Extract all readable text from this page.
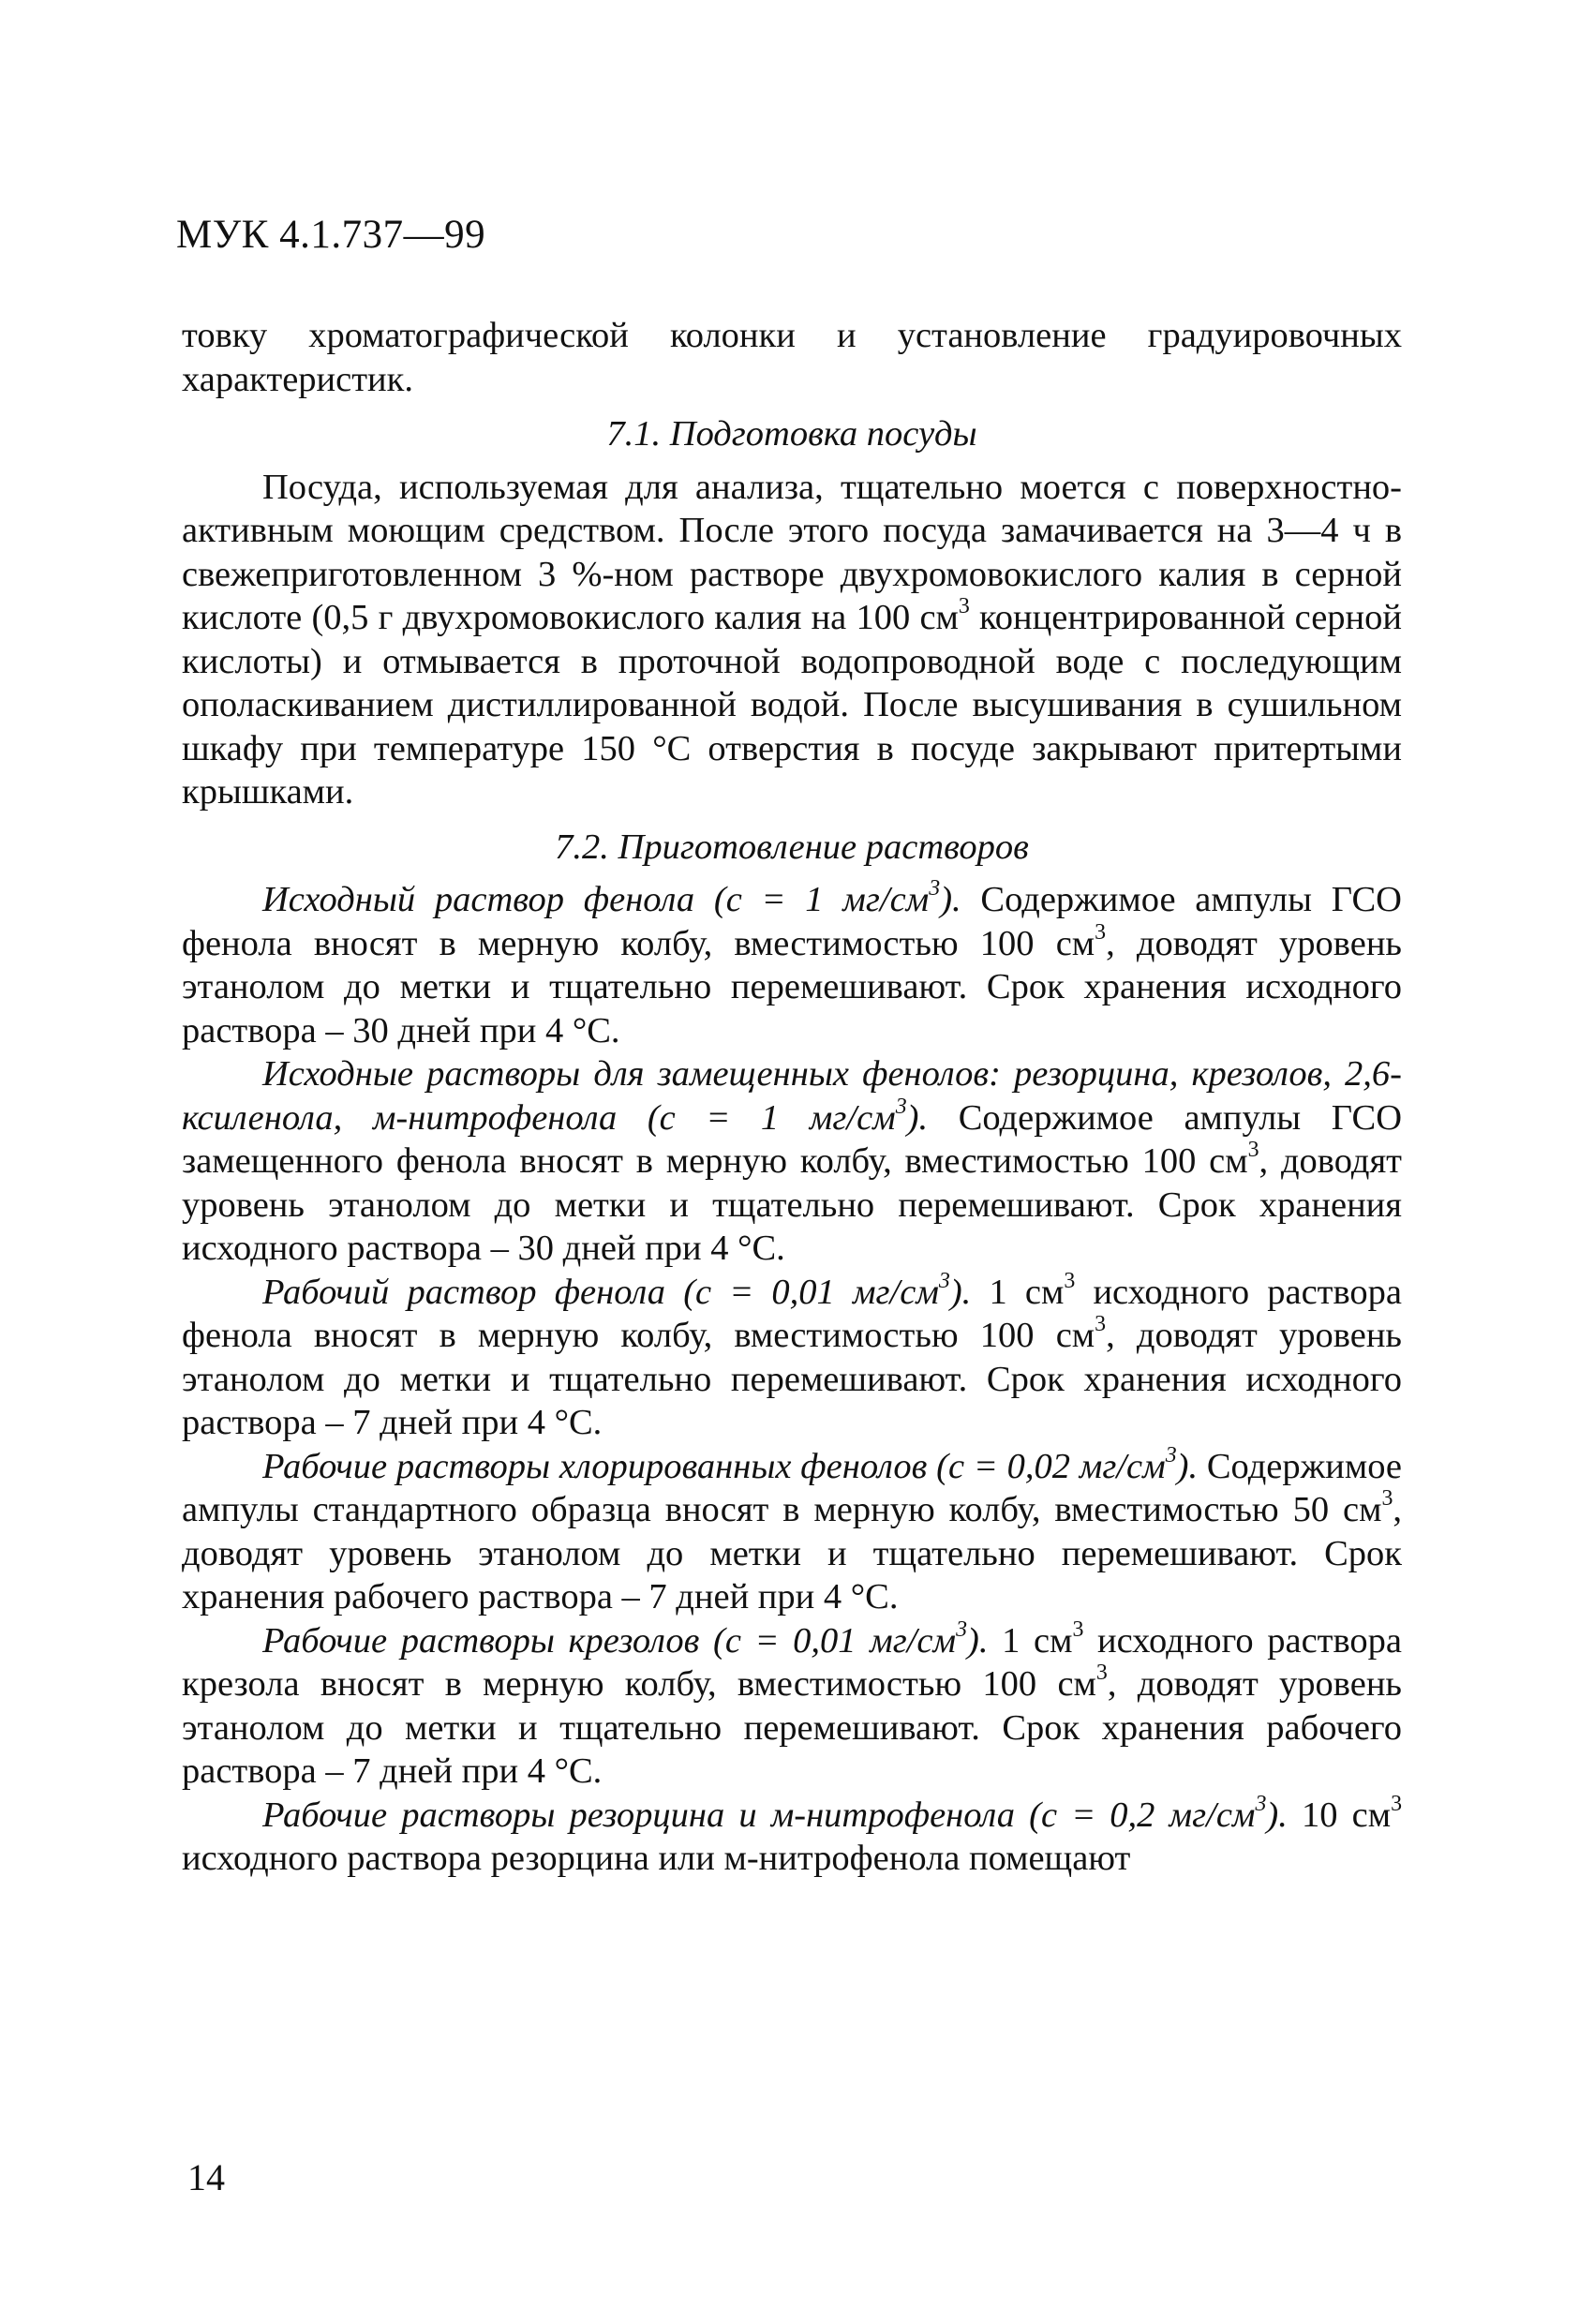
МУК 4.1.737—99

товку хроматографической колонки и установление градуировочных характеристик.

7.1. Подготовка посуды

Посуда, используемая для анализа, тщательно моется с поверхностно-активным моющим средством. После этого посуда замачивается на 3—4 ч в свежеприготовленном 3 %-ном растворе двухромовокислого калия в серной кислоте (0,5 г двухромовокислого калия на 100 $см^3$ концентрированной серной кислоты) и отмывается в проточной водопроводной воде с последующим ополаскиванием дистиллированной водой. После высушивания в сушильном шкафу при температуре 150 °С отверстия в посуде закрывают притертыми крышками.

7.2. Приготовление растворов

Исходный раствор фенола (с = 1 $мг/см^3$). Содержимое ампулы ГСО фенола вносят в мерную колбу, вместимостью 100 $см^3$, доводят уровень этанолом до метки и тщательно перемешивают. Срок хранения исходного раствора – 30 дней при 4 °С.

Исходные растворы для замещенных фенолов: резорцина, крезолов, 2,6-ксиленола, м-нитрофенола (с = 1 $мг/см^3$). Содержимое ампулы ГСО замещенного фенола вносят в мерную колбу, вместимостью 100 $см^3$, доводят уровень этанолом до метки и тщательно перемешивают. Срок хранения исходного раствора – 30 дней при 4 °С.

Рабочий раствор фенола (с = 0,01 $мг/см^3$). 1 $см^3$ исходного раствора фенола вносят в мерную колбу, вместимостью 100 $см^3$, доводят уровень этанолом до метки и тщательно перемешивают. Срок хранения исходного раствора – 7 дней при 4 °С.

Рабочие растворы хлорированных фенолов (с = 0,02 $мг/см^3$). Содержимое ампулы стандартного образца вносят в мерную колбу, вместимостью 50 $см^3$, доводят уровень этанолом до метки и тщательно перемешивают. Срок хранения рабочего раствора – 7 дней при 4 °С.

Рабочие растворы крезолов (с = 0,01 $мг/см^3$). 1 $см^3$ исходного раствора крезола вносят в мерную колбу, вместимостью 100 $см^3$, доводят уровень этанолом до метки и тщательно перемешивают. Срок хранения рабочего раствора – 7 дней при 4 °С.

Рабочие растворы резорцина и м-нитрофенола (с = 0,2 $мг/см^3$). 10 $см^3$ исходного раствора резорцина или м-нитрофенола помещают

14
